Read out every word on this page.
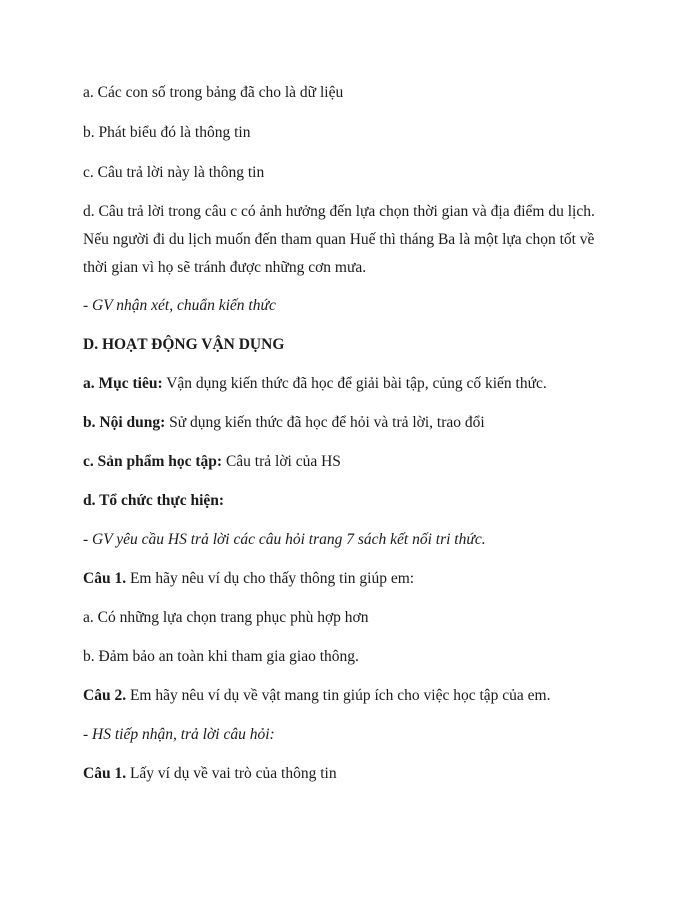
a. Các con số trong bảng đã cho là dữ liệu
b. Phát biểu đó là thông tin
c. Câu trả lời này là thông tin
d. Câu trả lời trong câu c có ảnh hưởng đến lựa chọn thời gian và địa điểm du lịch.
Nếu người đi du lịch muốn đến tham quan Huế thì tháng Ba là một lựa chọn tốt về
thời gian vì họ sẽ tránh được những cơn mưa.
- GV nhận xét, chuẩn kiến thức
D. HOẠT ĐỘNG VẬN DỤNG
a. Mục tiêu: Vận dụng kiến thức đã học để giải bài tập, củng cố kiến thức.
b. Nội dung: Sử dụng kiến thức đã học để hỏi và trả lời, trao đổi
c. Sản phẩm học tập: Câu trả lời của HS
d. Tổ chức thực hiện:
- GV yêu cầu HS trả lời các câu hỏi trang 7 sách kết nối tri thức.
Câu 1. Em hãy nêu ví dụ cho thấy thông tin giúp em:
a. Có những lựa chọn trang phục phù hợp hơn
b. Đảm bảo an toàn khi tham gia giao thông.
Câu 2. Em hãy nêu ví dụ về vật mang tin giúp ích cho việc học tập của em.
- HS tiếp nhận, trả lời câu hỏi:
Câu 1. Lấy ví dụ về vai trò của thông tin
